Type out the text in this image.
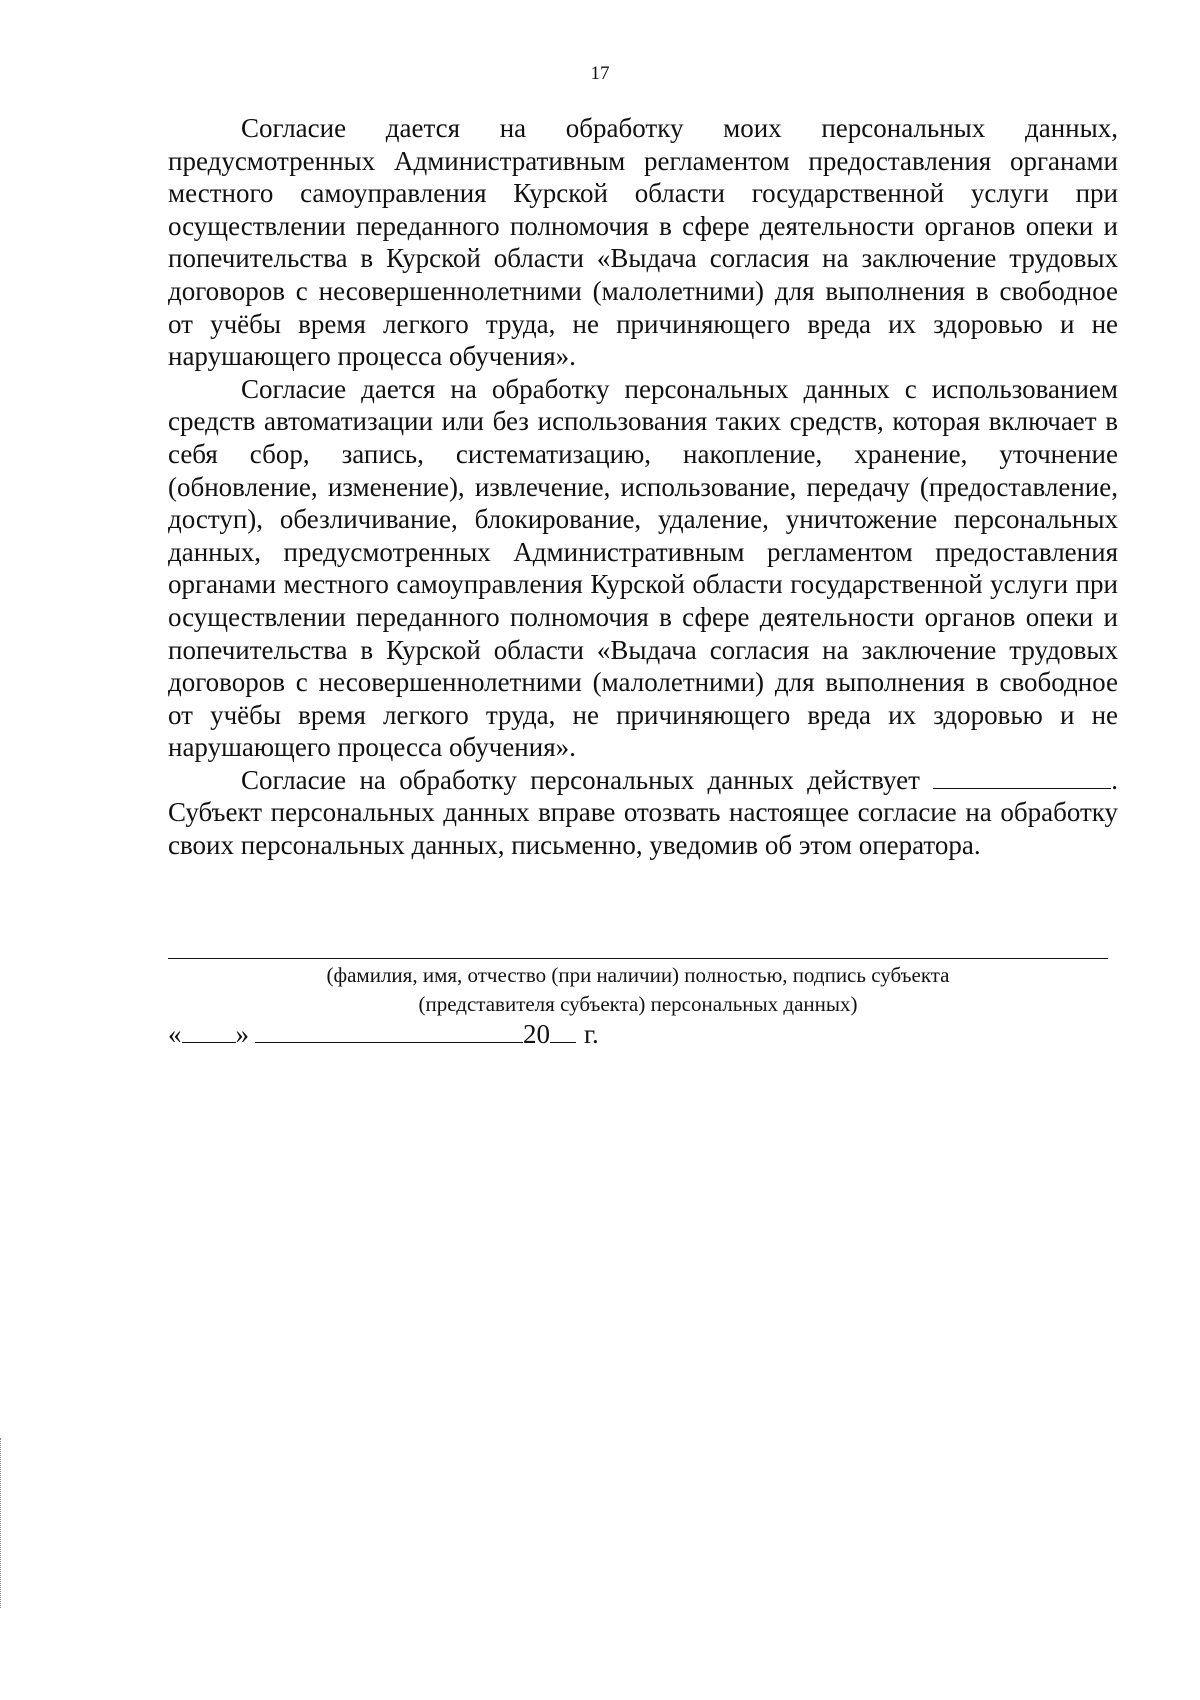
17

Согласие дается на обработку моих персональных данных, предусмотренных Административным регламентом предоставления органами местного самоуправления Курской области государственной услуги при осуществлении переданного полномочия в сфере деятельности органов опеки и попечительства в Курской области «Выдача согласия на заключение трудовых договоров с несовершеннолетними (малолетними) для выполнения в свободное от учёбы время легкого труда, не причиняющего вреда их здоровью и не нарушающего процесса обучения».

Согласие дается на обработку персональных данных с использованием средств автоматизации или без использования таких средств, которая включает в себя сбор, запись, систематизацию, накопление, хранение, уточнение (обновление, изменение), извлечение, использование, передачу (предоставление, доступ), обезличивание, блокирование, удаление, уничтожение персональных данных, предусмотренных Административным регламентом предоставления органами местного самоуправления Курской области государственной услуги при осуществлении переданного полномочия в сфере деятельности органов опеки и попечительства в Курской области «Выдача согласия на заключение трудовых договоров с несовершеннолетними (малолетними) для выполнения в свободное от учёбы время легкого труда, не причиняющего вреда их здоровью и не нарушающего процесса обучения».

Согласие на обработку персональных данных действует	. Субъект персональных данных вправе отозвать настоящее согласие на обработку своих персональных данных, письменно, уведомив об этом оператора.

(фамилия, имя, отчество (при наличии) полностью, подпись субъекта
(представителя субъекта) персональных данных)
« »	20 г.
